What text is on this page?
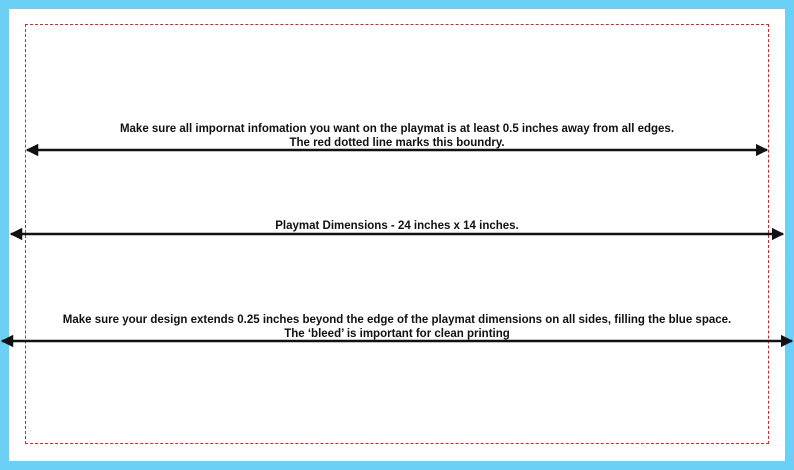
Make sure all impornat infomation you want on the playmat is at least 0.5 inches away from all edges.
The red dotted line marks this boundry.

Playmat Dimensions - 24 inches x 14 inches.

Make sure your design extends 0.25 inches beyond the edge of the playmat dimensions on all sides, filling the blue space.
The ‘bleed’ is important for clean printing
